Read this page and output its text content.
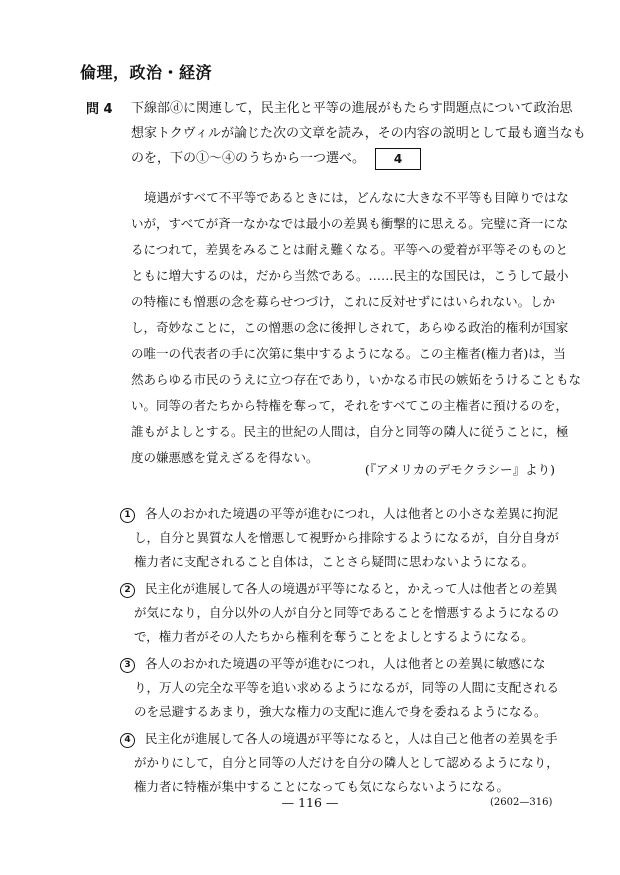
倫理，政治・経済
問 4 下線部ⓓに関連して，民主化と平等の進展がもたらす問題点について政治思
想家トクヴィルが論じた次の文章を読み，その内容の説明として最も適当なも
のを，下の①～④のうちから一つ選べ。 4
境遇がすべて不平等であるときには，どんなに大きな不平等も目障りではな
いが，すべてが斉一なかなでは最小の差異も衝撃的に思える。完璧に斉一にな
るにつれて，差異をみることは耐え難くなる。平等への愛着が平等そのものと
ともに増大するのは，だから当然である。……民主的な国民は，こうして最小
の特権にも憎悪の念を募らせつづけ，これに反対せずにはいられない。しか
し，奇妙なことに，この憎悪の念に後押しされて，あらゆる政治的権利が国家
の唯一の代表者の手に次第に集中するようになる。この主権者(権力者)は，当
然あらゆる市民のうえに立つ存在であり，いかなる市民の嫉妬をうけることもな
い。同等の者たちから特権を奪って，それをすべてこの主権者に預けるのを，
誰もがよしとする。民主的世紀の人間は，自分と同等の隣人に従うことに，極
度の嫌悪感を覚えざるを得ない。
(『アメリカのデモクラシー』より)
1 各人のおかれた境遇の平等が進むにつれ，人は他者との小さな差異に拘泥
し，自分と異質な人を憎悪して視野から排除するようになるが，自分自身が
権力者に支配されること自体は，ことさら疑問に思わないようになる。
2 民主化が進展して各人の境遇が平等になると，かえって人は他者との差異
が気になり，自分以外の人が自分と同等であることを憎悪するようになるの
で，権力者がその人たちから権利を奪うことをよしとするようになる。
3 各人のおかれた境遇の平等が進むにつれ，人は他者との差異に敏感にな
り，万人の完全な平等を追い求めるようになるが，同等の人間に支配される
のを忌避するあまり，強大な権力の支配に進んで身を委ねるようになる。
4 民主化が進展して各人の境遇が平等になると，人は自己と他者の差異を手
がかりにして，自分と同等の人だけを自分の隣人として認めるようになり，
権力者に特権が集中することになっても気にならないようになる。
— 116 —	(2602—316)
